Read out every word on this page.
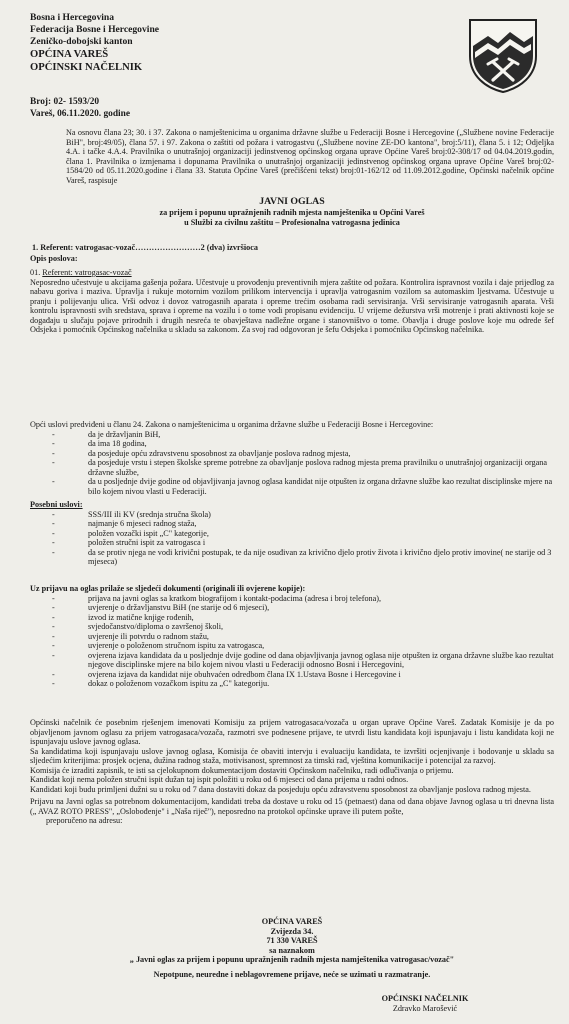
Bosna i Hercegovina
Federacija Bosne i Hercegovine
Zeničko-dobojski kanton
OPĆINA VAREŠ
OPĆINSKI NAČELNIK
Broj: 02- 1593/20
Vareš, 06.11.2020. godine

Na osnovu člana 23; 30. i 37. Zakona o namještenicima u organima državne službe u Federaciji Bosne i Hercegovine („Službene novine Federacije BiH", broj:49/05), člana 57. i 97. Zakona o zaštiti od požara i vatrogastvu („Službene novine ZE-DO kantona", broj:5/11), člana 5. i 12; Odjeljka 4.A. i tačke 4.A.4. Pravilnika o unutrašnjoj organizaciji jedinstvenog općinskog organa uprave Općine Vareš broj:02-308/17 od 04.04.2019.godin, člana 1. Pravilnika o izmjenama i dopunama Pravilnika o unutrašnjoj organizaciji jedinstvenog općinskog organa uprave Općine Vareš broj:02-1584/20 od 05.11.2020.godine i člana 33. Statuta Općine Vareš (prečišćeni tekst) broj:01-162/12 od 11.09.2012.godine, Općinski načelnik općine Vareš, raspisuje

JAVNI OGLAS
za prijem i popunu upražnjenih radnih mjesta namještenika u Općini Vareš
u Službi za civilnu zaštitu – Profesionalna vatrogasna jedinica
1. Referent: vatrogasac-vozač……………………2 (dva) izvršioca
Opis poslova:

01. Referent: vatrogasac-vozač

Neposredno učestvuje u akcijama gašenja požara. Učestvuje u provođenju preventivnih mjera zaštite od požara. Kontrolira ispravnost vozila i daje prijedlog za nabavu goriva i maziva. Upravlja i rukuje motornim vozilom prilikom intervencija i upravlja vatrogasnim vozilom sa automaskim ljestvama. Učestvuje u pranju i polijevanju ulica. Vrši odvoz i dovoz vatrogasnih aparata i opreme trećim osobama radi servisiranja. Vrši servisiranje vatrogasnih aparata. Vrši kontrolu ispravnosti svih sredstava, sprava i opreme na vozilu i o tome vodi propisanu evidenciju. U vrijeme dežurstva vrši motrenje i prati aktivnosti koje se događaju u slučaju pojave prirodnih i drugih nesreća te obavještava nadležne organe i stanovništvo o tome. Obavlja i druge poslove koje mu odrede šef Odsjeka i pomoćnik Općinskog načelnika u skladu sa zakonom. Za svoj rad odgovoran je šefu Odsjeka i pomoćniku Općinskog načelnika.

Opći uslovi predviđeni u članu 24. Zakona o namještenicima u organima državne službe u Federaciji Bosne i Hercegovine:

- da je državljanin BiH,
- da ima 18 godina,
- da posjeduje opću zdravstvenu sposobnost za obavljanje poslova radnog mjesta,
- da posjeduje vrstu i stepen školske spreme potrebne za obavljanje poslova radnog mjesta prema pravilniku o unutrašnjoj organizaciji organa državne službe,
- da u posljednje dvije godine od objavljivanja javnog oglasa kandidat nije otpušten iz organa državne službe kao rezultat disciplinske mjere na bilo kojem nivou vlasti u Federaciji.

Posebni uslovi:

- SSS/III ili KV (srednja stručna škola)
- najmanje 6 mjeseci radnog staža,
- položen vozački ispit „C" kategorije,
- položen stručni ispit za vatrogasca i
- da se protiv njega ne vodi krivični postupak, te da nije osuđivan za krivično djelo protiv života i krivično djelo protiv imovine( ne starije od 3 mjeseca)

Uz prijavu na oglas prilaže se sljedeći dokumenti (originali ili ovjerene kopije):

- prijava na javni oglas sa kratkom biografijom i kontakt-podacima (adresa i broj telefona),
- uvjerenje o državljanstvu BiH (ne starije od 6 mjeseci),
- izvod iz matične knjige rođenih,
- svjedočanstvo/diploma o završenoj školi,
- uvjerenje ili potvrdu o radnom stažu,
- uvjerenje o položenom stručnom ispitu za vatrogasca,
- ovjerena izjava kandidata da u posljednje dvije godine od dana objavljivanja javnog oglasa nije otpušten iz organa državne službe kao rezultat njegove disciplinske mjere na bilo kojem nivou vlasti u Federaciji odnosno Bosni i Hercegovini,
- ovjerena izjava da kandidat nije obuhvaćen odredbom člana IX 1.Ustava Bosne i Hercegovine i
- dokaz o položenom vozačkom ispitu za „C" kategoriju.

Općinski načelnik će posebnim rješenjem imenovati Komisiju za prijem vatrogasaca/vozača u organ uprave Općine Vareš. Zadatak Komisije je da po objavljenom javnom oglasu za prijem vatrogasaca/vozača, razmotri sve podnesene prijave, te utvrdi listu kandidata koji ispunjavaju i listu kandidata koji ne ispunjavaju uslove javnog oglasa.

Sa kandidatima koji ispunjavaju uslove javnog oglasa, Komisija će obaviti intervju i evaluaciju kandidata, te izvršiti ocjenjivanje i bodovanje u skladu sa sljedećim kriterijima: prosjek ocjena, dužina radnog staža, motivisanost, spremnost za timski rad, vještina komunikacije i potencijal za razvoj.

Komisija će izraditi zapisnik, te isti sa cjelokupnom dokumentacijom dostaviti Općinskom načelniku, radi odlučivanja o prijemu.

Kandidat koji nema položen stručni ispit dužan taj ispit položiti u roku od 6 mjeseci od dana prijema u radni odnos.

Kandidati koji budu primljeni dužni su u roku od 7 dana dostaviti dokaz da posjeduju opću zdravstvenu sposobnost za obavljanje poslova radnog mjesta.

Prijavu na Javni oglas sa potrebnom dokumentacijom, kandidati treba da dostave u roku od 15 (petnaest) dana od dana objave Javnog oglasa u tri dnevna lista („ AVAZ ROTO PRESS", „Oslobođenje" i „Naša riječ"), neposredno na protokol općinske uprave ili putem pošte,

preporučeno na adresu:

OPĆINA VAREŠ
Zvijezda 34.
71 330 VAREŠ
sa naznakom
„ Javni oglas za prijem i popunu upražnjenih radnih mjesta namještenika vatrogasac/vozač"
Nepotpune, neuredne i neblagovremene prijave, neće se uzimati u razmatranje.
OPĆINSKI NAČELNIK
Zdravko Marošević
